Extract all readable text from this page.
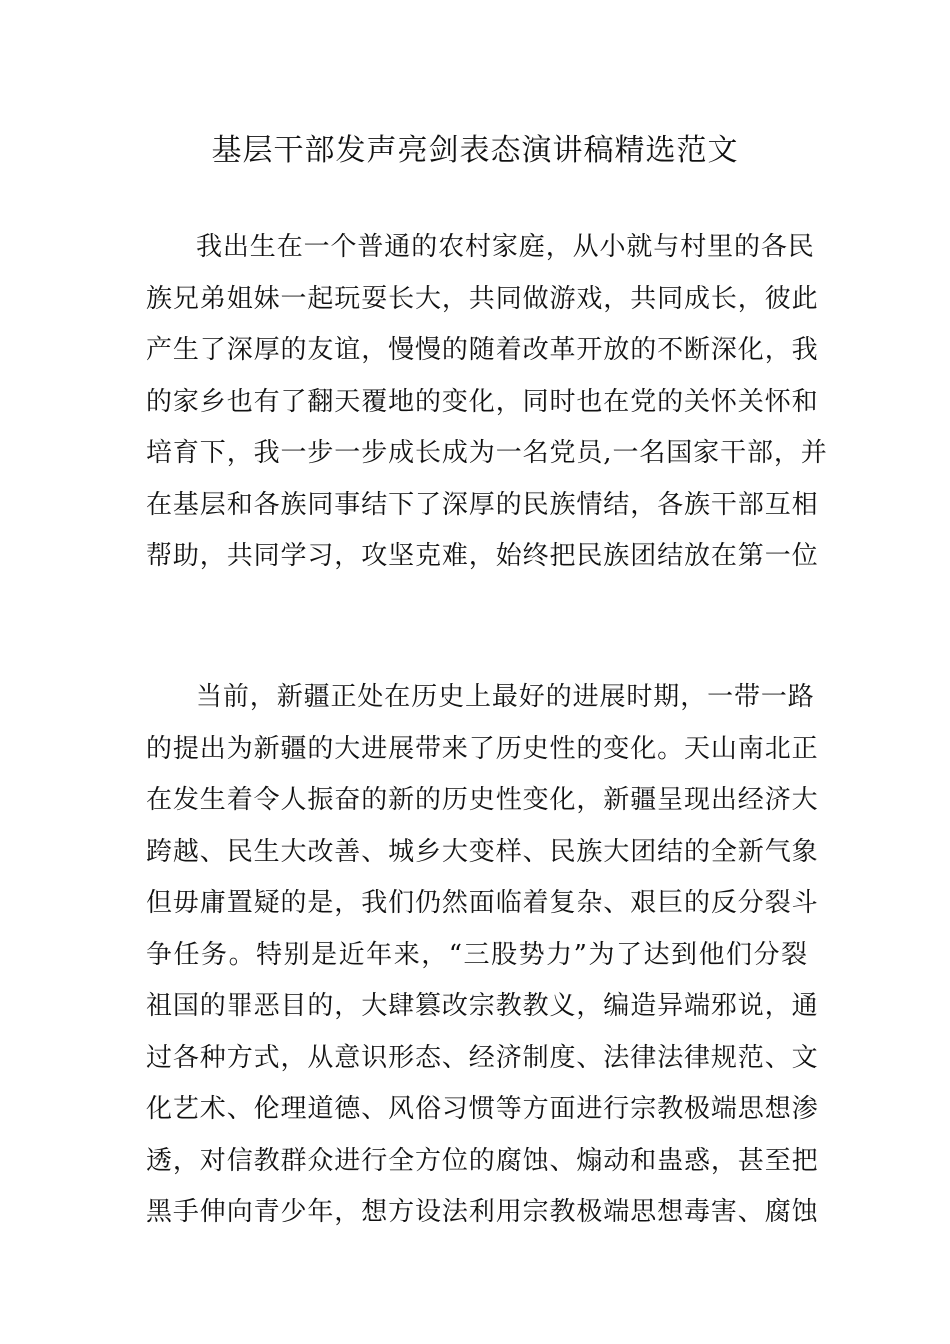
基层干部发声亮剑表态演讲稿精选范文
我出生在一个普通的农村家庭，从小就与村里的各民
族兄弟姐妹一起玩耍长大，共同做游戏，共同成长，彼此
产生了深厚的友谊，慢慢的随着改革开放的不断深化，我
的家乡也有了翻天覆地的变化，同时也在党的关怀关怀和
培育下，我一步一步成长成为一名党员,一名国家干部，并
在基层和各族同事结下了深厚的民族情结，各族干部互相
帮助，共同学习，攻坚克难，始终把民族团结放在第一位
当前，新疆正处在历史上最好的进展时期，一带一路
的提出为新疆的大进展带来了历史性的变化。天山南北正
在发生着令人振奋的新的历史性变化，新疆呈现出经济大
跨越、民生大改善、城乡大变样、民族大团结的全新气象
但毋庸置疑的是，我们仍然面临着复杂、艰巨的反分裂斗
争任务。特别是近年来，“三股势力”为了达到他们分裂
祖国的罪恶目的，大肆篡改宗教教义，编造异端邪说，通
过各种方式，从意识形态、经济制度、法律法律规范、文
化艺术、伦理道德、风俗习惯等方面进行宗教极端思想渗
透，对信教群众进行全方位的腐蚀、煽动和蛊惑，甚至把
黑手伸向青少年，想方设法利用宗教极端思想毒害、腐蚀
